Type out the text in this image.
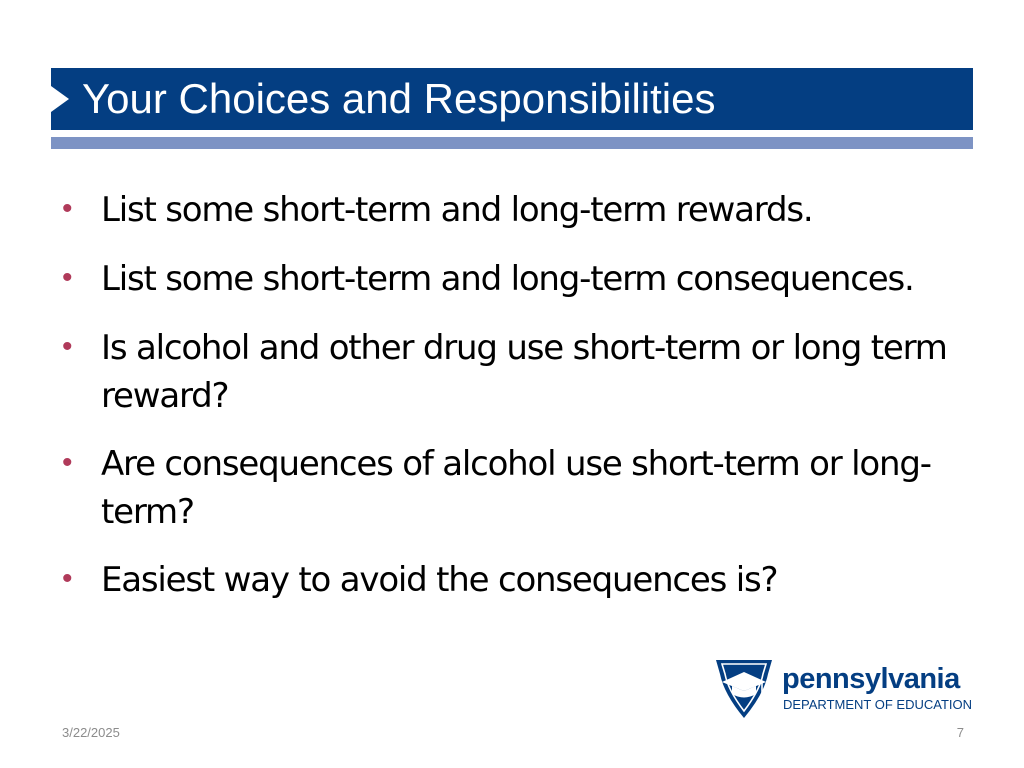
Your Choices and Responsibilities
• List some short-term and long-term rewards.
• List some short-term and long-term consequences.
• Is alcohol and other drug use short-term or long term reward?
• Are consequences of alcohol use short-term or long-term?
• Easiest way to avoid the consequences is?
pennsylvania
DEPARTMENT OF EDUCATION
3/22/2025	7
